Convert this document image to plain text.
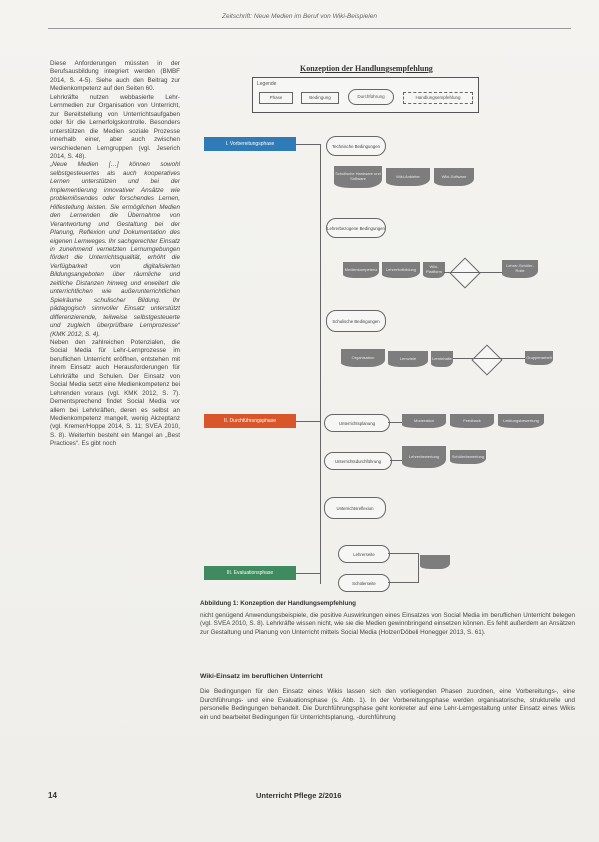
Zeitschrift: Neue Medien im Beruf von Wiki-Beispielen

Diese Anforderungen müssten in der Berufsausbildung integriert werden (BMBF 2014, S. 4-5). Siehe auch den Beitrag zur Medienkompetenz auf den Seiten 60.

Lehrkräfte nutzen webbasierte Lehr-Lernmedien zur Organisation von Unterricht, zur Bereitstellung von Unterrichtsaufgaben oder für die Lernerfolgskontrolle. Besonders unterstützen die Medien soziale Prozesse innerhalb einer, aber auch zwischen verschiedenen Lerngruppen (vgl. Jeserich 2014, S. 48).

„Neue Medien […] können sowohl selbstgesteuertes als auch kooperatives Lernen unterstützen und bei der Implementierung innovativer Ansätze wie problemlösendes oder forschendes Lernen, Hilfestellung leisten. Sie ermöglichen Medien den Lernenden die Übernahme von Verantwortung und Gestaltung bei der Planung, Reflexion und Dokumentation des eigenen Lernweges. Ihr sachgerechter Einsatz in zunehmend vernetzten Lernumgebungen fördert die Unterrichtsqualität, erhöht die Verfügbarkeit von digitalisierten Bildungsangeboten über räumliche und zeitliche Distanzen hinweg und erweitert die unterrichtlichen wie außerunterrichtlichen Spielräume schulischer Bildung. Ihr pädagogisch sinnvoller Einsatz unterstützt differenzierende, teilweise selbstgesteuerte und zugleich überprüfbare Lernprozesse“ (KMK 2012, S. 4).

Neben den zahlreichen Potenzialen, die Social Media für Lehr-Lernprozesse im beruflichen Unterricht eröffnen, entstehen mit ihrem Einsatz auch Herausforderungen für Lehrkräfte und Schulen. Der Einsatz von Social Media setzt eine Medienkompetenz bei Lehrenden voraus (vgl. KMK 2012, S. 7). Dementsprechend findet Social Media vor allem bei Lehrkräften, deren es selbst an Medienkompetenz mangelt, wenig Akzeptanz (vgl. Kremer/Hoppe 2014, S. 11; SVEA 2010, S. 8). Weiterhin besteht ein Mangel an „Best Practices“. Es gibt noch

Konzeption der Handlungsempfehlung
Legende
Phase	Bedingung	Durchführung	Handlungsempfehlung
I. Vorbereitungsphase
II. Durchführungsphase
III. Evaluationsphase
Technische Bedingungen
Schulische Hardware und Software	Wiki-Anbieter	Wiki-Software
Lehrerbezogene Bedingungen
Medienkompetenz	Lehrerfortbildung	Wiki-Plattform
Lehrer-Schüler-Rolle
Schulische Bedingungen
Organisation	Lernziele	Lerninhalte	Gruppenarbeit
Unterrichtsplanung
Moderation	Feedback	Leistungsbewertung
Unterrichtsdurchführung
Lehrerbewertung	Schülerbewertung
Unterrichtsreflexion
Lehrerseite
Schülerseite
Abbildung 1: Konzeption der Handlungsempfehlung

nicht genügend Anwendungsbeispiele, die positive Auswirkungen eines Einsatzes von Social Media im beruflichen Unterricht belegen (vgl. SVEA 2010, S. 8). Lehrkräfte wissen nicht, wie sie die Medien gewinnbringend einsetzen können. Es fehlt außerdem an Ansätzen zur Gestaltung und Planung von Unterricht mittels Social Media (Holzer/Döbeli Honegger 2013, S. 61).

Wiki-Einsatz im beruflichen Unterricht

Die Bedingungen für den Einsatz eines Wikis lassen sich den vorliegenden Phasen zuordnen, eine Vorbereitungs-, eine Durchführungs- und eine Evaluationsphase (s. Abb. 1). In der Vorbereitungsphase werden organisatorische, strukturelle und personelle Bedingungen behandelt. Die Durchführungsphase geht konkreter auf eine Lehr-Lerngestaltung unter Einsatz eines Wikis ein und bearbeitet Bedingungen für Unterrichtsplanung, -durchführung

14	Unterricht Pflege 2/2016
